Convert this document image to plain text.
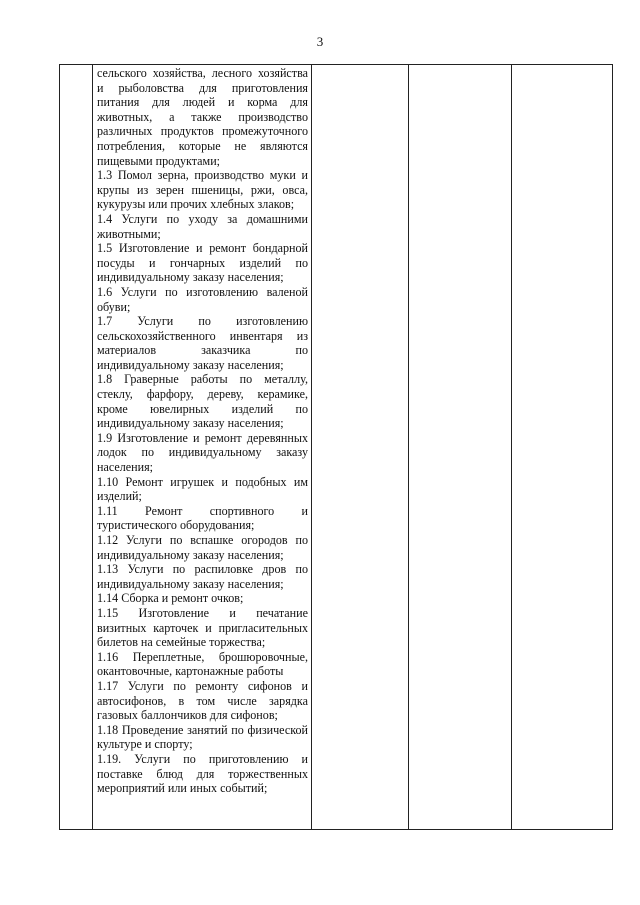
3

сельского хозяйства, лесного хозяйства и рыболовства для приготовления питания для людей и корма для животных, а также производство различных продуктов промежуточного потребления, которые не являются пищевыми продуктами;

1.3 Помол зерна, производство муки и крупы из зерен пшеницы, ржи, овса, кукурузы или прочих хлебных злаков;

1.4 Услуги по уходу за домашними животными;

1.5 Изготовление и ремонт бондарной посуды и гончарных изделий по индивидуальному заказу населения;

1.6 Услуги по изготовлению валеной обуви;

1.7 Услуги по изготовлению сельскохозяйственного инвентаря из материалов заказчика по индивидуальному заказу населения;

1.8 Граверные работы по металлу, стеклу, фарфору, дереву, керамике, кроме ювелирных изделий по индивидуальному заказу населения;

1.9 Изготовление и ремонт деревянных лодок по индивидуальному заказу населения;

1.10 Ремонт игрушек и подобных им изделий;

1.11 Ремонт спортивного и туристического оборудования;

1.12 Услуги по вспашке огородов по индивидуальному заказу населения;

1.13 Услуги по распиловке дров по индивидуальному заказу населения;

1.14 Сборка и ремонт очков;

1.15 Изготовление и печатание визитных карточек и пригласительных билетов на семейные торжества;

1.16 Переплетные, брошюровочные, окантовочные, картонажные работы

1.17 Услуги по ремонту сифонов и автосифонов, в том числе зарядка газовых баллончиков для сифонов;

1.18 Проведение занятий по физической культуре и спорту;

1.19. Услуги по приготовлению и поставке блюд для торжественных мероприятий или иных событий;
